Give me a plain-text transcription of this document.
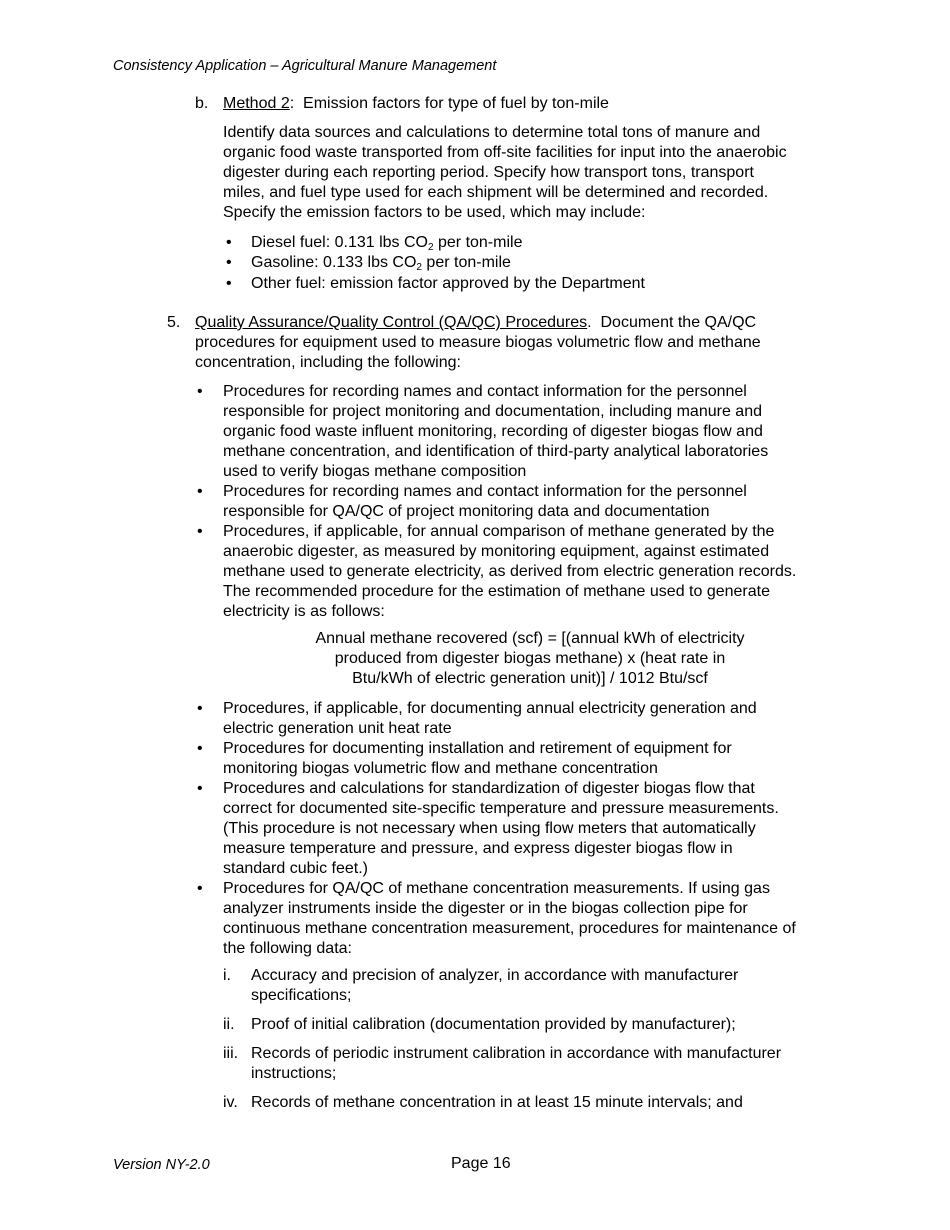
Consistency Application – Agricultural Manure Management
b. Method 2:  Emission factors for type of fuel by ton-mile
Identify data sources and calculations to determine total tons of manure and
organic food waste transported from off-site facilities for input into the anaerobic
digester during each reporting period. Specify how transport tons, transport
miles, and fuel type used for each shipment will be determined and recorded.
Specify the emission factors to be used, which may include:
• Diesel fuel: 0.131 lbs $CO_2$ per ton-mile
• Gasoline: 0.133 lbs $CO_2$ per ton-mile
• Other fuel: emission factor approved by the Department
5. Quality Assurance/Quality Control (QA/QC) Procedures.  Document the QA/QC
procedures for equipment used to measure biogas volumetric flow and methane
concentration, including the following:
• Procedures for recording names and contact information for the personnel
responsible for project monitoring and documentation, including manure and
organic food waste influent monitoring, recording of digester biogas flow and
methane concentration, and identification of third-party analytical laboratories
used to verify biogas methane composition
• Procedures for recording names and contact information for the personnel
responsible for QA/QC of project monitoring data and documentation
• Procedures, if applicable, for annual comparison of methane generated by the
anaerobic digester, as measured by monitoring equipment, against estimated
methane used to generate electricity, as derived from electric generation records.
The recommended procedure for the estimation of methane used to generate
electricity is as follows:
Annual methane recovered (scf) = [(annual kWh of electricity
produced from digester biogas methane) x (heat rate in
Btu/kWh of electric generation unit)] / 1012 Btu/scf
• Procedures, if applicable, for documenting annual electricity generation and
electric generation unit heat rate
• Procedures for documenting installation and retirement of equipment for
monitoring biogas volumetric flow and methane concentration
• Procedures and calculations for standardization of digester biogas flow that
correct for documented site-specific temperature and pressure measurements.
(This procedure is not necessary when using flow meters that automatically
measure temperature and pressure, and express digester biogas flow in
standard cubic feet.)
• Procedures for QA/QC of methane concentration measurements. If using gas
analyzer instruments inside the digester or in the biogas collection pipe for
continuous methane concentration measurement, procedures for maintenance of
the following data:
i. Accuracy and precision of analyzer, in accordance with manufacturer
specifications;
ii. Proof of initial calibration (documentation provided by manufacturer);
iii. Records of periodic instrument calibration in accordance with manufacturer
instructions;
iv. Records of methane concentration in at least 15 minute intervals; and
Version NY-2.0	Page 16
